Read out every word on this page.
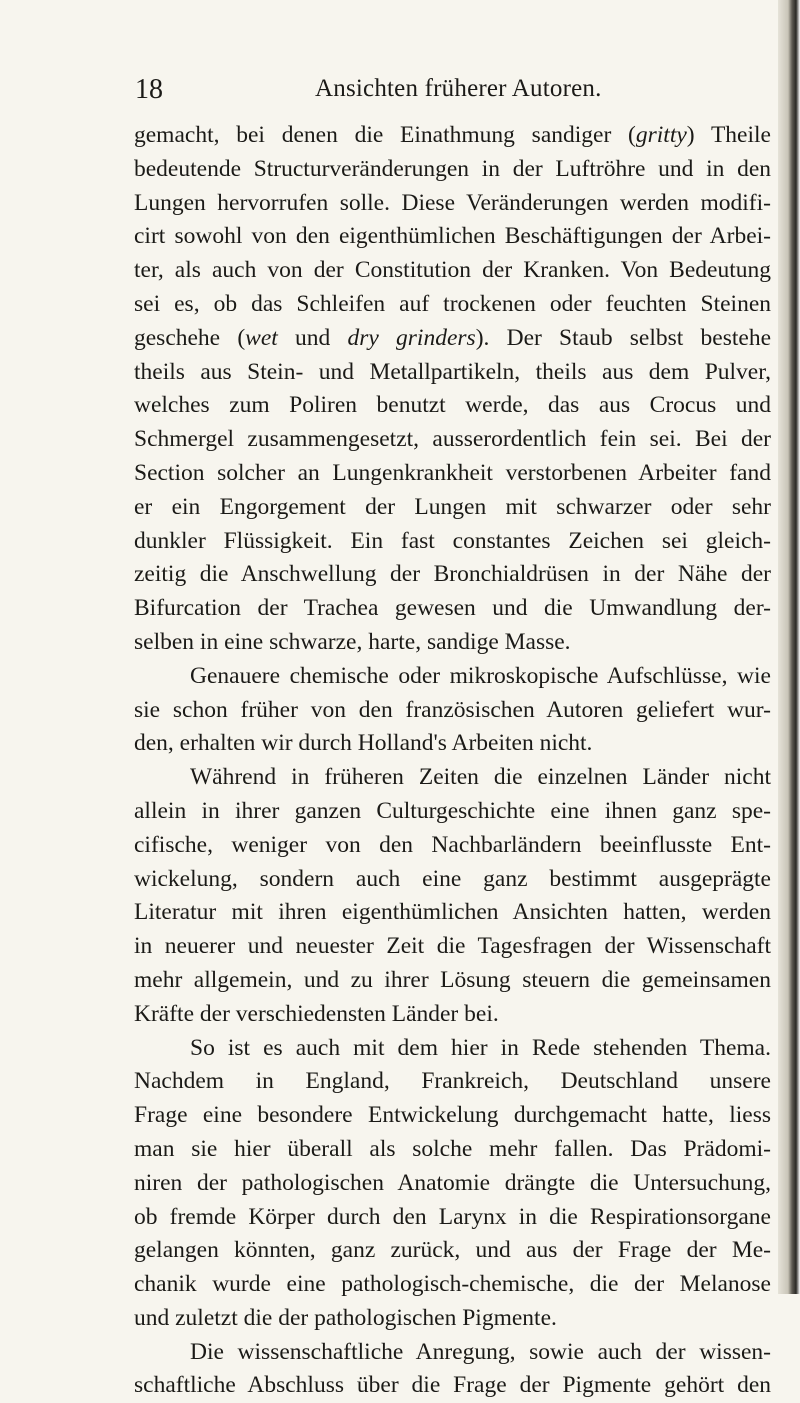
18	Ansichten früherer Autoren.
gemacht, bei denen die Einathmung sandiger (gritty) Theile
bedeutende Structurveränderungen in der Luftröhre und in den
Lungen hervorrufen solle. Diese Veränderungen werden modifi-
cirt sowohl von den eigenthümlichen Beschäftigungen der Arbei-
ter, als auch von der Constitution der Kranken. Von Bedeutung
sei es, ob das Schleifen auf trockenen oder feuchten Steinen
geschehe (wet und dry grinders). Der Staub selbst bestehe
theils aus Stein- und Metallpartikeln, theils aus dem Pulver,
welches zum Poliren benutzt werde, das aus Crocus und
Schmergel zusammengesetzt, ausserordentlich fein sei. Bei der
Section solcher an Lungenkrankheit verstorbenen Arbeiter fand
er ein Engorgement der Lungen mit schwarzer oder sehr
dunkler Flüssigkeit. Ein fast constantes Zeichen sei gleich-
zeitig die Anschwellung der Bronchialdrüsen in der Nähe der
Bifurcation der Trachea gewesen und die Umwandlung der-
selben in eine schwarze, harte, sandige Masse.
Genauere chemische oder mikroskopische Aufschlüsse, wie
sie schon früher von den französischen Autoren geliefert wur-
den, erhalten wir durch Holland's Arbeiten nicht.
Während in früheren Zeiten die einzelnen Länder nicht
allein in ihrer ganzen Culturgeschichte eine ihnen ganz spe-
cifische, weniger von den Nachbarländern beeinflusste Ent-
wickelung, sondern auch eine ganz bestimmt ausgeprägte
Literatur mit ihren eigenthümlichen Ansichten hatten, werden
in neuerer und neuester Zeit die Tagesfragen der Wissenschaft
mehr allgemein, und zu ihrer Lösung steuern die gemeinsamen
Kräfte der verschiedensten Länder bei.
So ist es auch mit dem hier in Rede stehenden Thema.
Nachdem in England, Frankreich, Deutschland unsere
Frage eine besondere Entwickelung durchgemacht hatte, liess
man sie hier überall als solche mehr fallen. Das Prädomi-
niren der pathologischen Anatomie drängte die Untersuchung,
ob fremde Körper durch den Larynx in die Respirationsorgane
gelangen könnten, ganz zurück, und aus der Frage der Me-
chanik wurde eine pathologisch-chemische, die der Melanose
und zuletzt die der pathologischen Pigmente.
Die wissenschaftliche Anregung, sowie auch der wissen-
schaftliche Abschluss über die Frage der Pigmente gehört den
